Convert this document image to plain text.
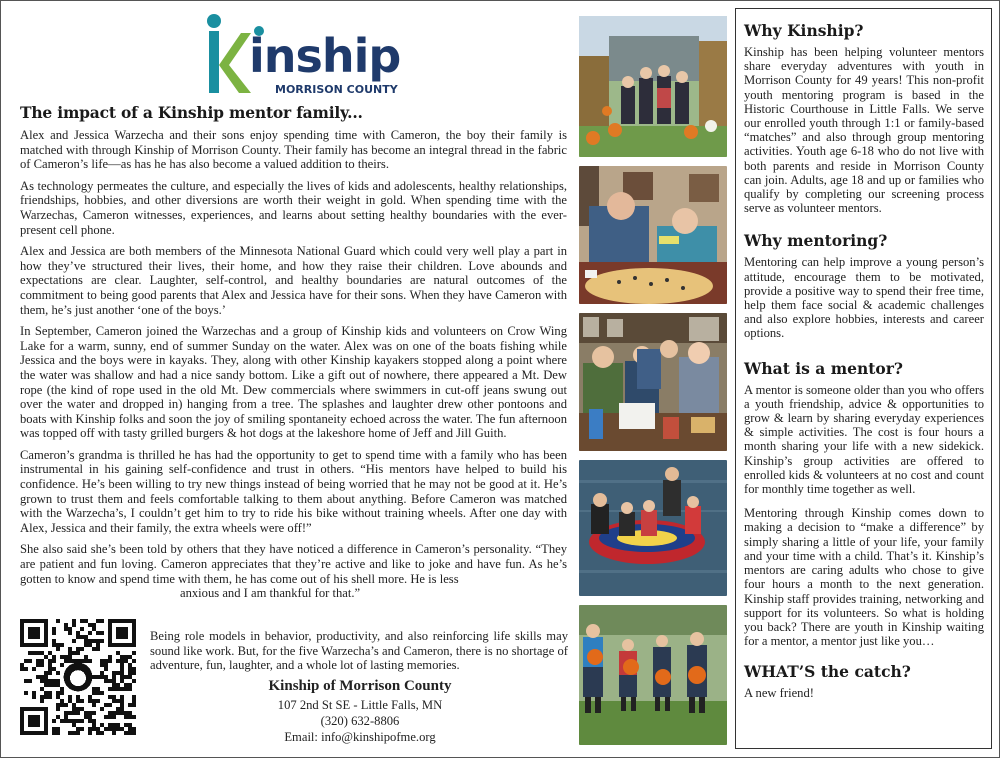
inship
MORRISON COUNTY
The impact of a Kinship mentor family...

Alex and Jessica Warzecha and their sons enjoy spending time with Cameron, the boy their family is matched with through Kinship of Morrison County. Their family has become an integral thread in the fabric of Cameron’s life—as has he has also become a valued addition to theirs.

As technology permeates the culture, and especially the lives of kids and adolescents, healthy relationships, friendships, hobbies, and other diversions are worth their weight in gold. When spending time with the Warzechas, Cameron witnesses, experiences, and learns about setting healthy boundaries with the ever-present cell phone.

Alex and Jessica are both members of the Minnesota National Guard which could very well play a part in how they’ve structured their lives, their home, and how they raise their children. Love abounds and expectations are clear. Laughter, self-control, and healthy boundaries are natural outcomes of the commitment to being good parents that Alex and Jessica have for their sons. When they have Cameron with them, he’s just another ‘one of the boys.’

In September, Cameron joined the Warzechas and a group of Kinship kids and volunteers on Crow Wing Lake for a warm, sunny, end of summer Sunday on the water. Alex was on one of the boats fishing while Jessica and the boys were in kayaks. They, along with other Kinship kayakers stopped along a point where the water was shallow and had a nice sandy bottom. Like a gift out of nowhere, there appeared a Mt. Dew rope (the kind of rope used in the old Mt. Dew commercials where swimmers in cut-off jeans swung out over the water and dropped in) hanging from a tree. The splashes and laughter drew other pontoons and boats with Kinship folks and soon the joy of smiling spontaneity echoed across the water. The fun afternoon was topped off with tasty grilled burgers & hot dogs at the lakeshore home of Jeff and Jill Guith.

Cameron’s grandma is thrilled he has had the opportunity to get to spend time with a family who has been instrumental in his gaining self-confidence and trust in others. “His mentors have helped to build his confidence. He’s been willing to try new things instead of being worried that he may not be good at it. He’s grown to trust them and feels comfortable talking to them about anything. Before Cameron was matched with the Warzecha’s, I couldn’t get him to try to ride his bike without training wheels. After one day with Alex, Jessica and their family, the extra wheels were off!”

She also said she’s been told by others that they have noticed a difference in Cameron’s personality. “They are patient and fun loving. Cameron appreciates that they’re active and like to joke and have fun. As he’s gotten to know and spend time with them, he has come out of his shell more. He is less

anxious and I am thankful for that.”

Being role models in behavior, productivity, and also reinforcing life skills may sound like work. But, for the five Warzecha’s and Cameron, there is no shortage of adventure, fun, laughter, and a whole lot of lasting memories.

Kinship of Morrison County
107 2nd St SE - Little Falls, MN
(320) 632-8806
Email: info@kinshipofme.org
Why Kinship?

Kinship has been helping volunteer mentors share everyday adventures with youth in Morrison County for 49 years! This non-profit youth mentoring program is based in the Historic Courthouse in Little Falls. We serve our enrolled youth through 1:1 or family-based “matches” and also through group mentoring activities. Youth age 6-18 who do not live with both parents and reside in Morrison County can join. Adults, age 18 and up or families who qualify by completing our screening process serve as volunteer mentors.

Why mentoring?

Mentoring can help improve a young person’s attitude, encourage them to be motivated, provide a positive way to spend their free time, help them face social & academic challenges and also explore hobbies, interests and career options.

What is a mentor?

A mentor is someone older than you who offers a youth friendship, advice & opportunities to grow & learn by sharing everyday experiences & simple activities. The cost is four hours a month sharing your life with a new sidekick. Kinship’s group activities are offered to enrolled kids & volunteers at no cost and count for monthly time together as well.

Mentoring through Kinship comes down to making a decision to “make a difference” by simply sharing a little of your life, your family and your time with a child. That’s it. Kinship’s mentors are caring adults who chose to give four hours a month to the next generation. Kinship staff provides training, networking and support for its volunteers. So what is holding you back? There are youth in Kinship waiting for a mentor, a mentor just like you…

WHAT’S the catch?

A new friend!
